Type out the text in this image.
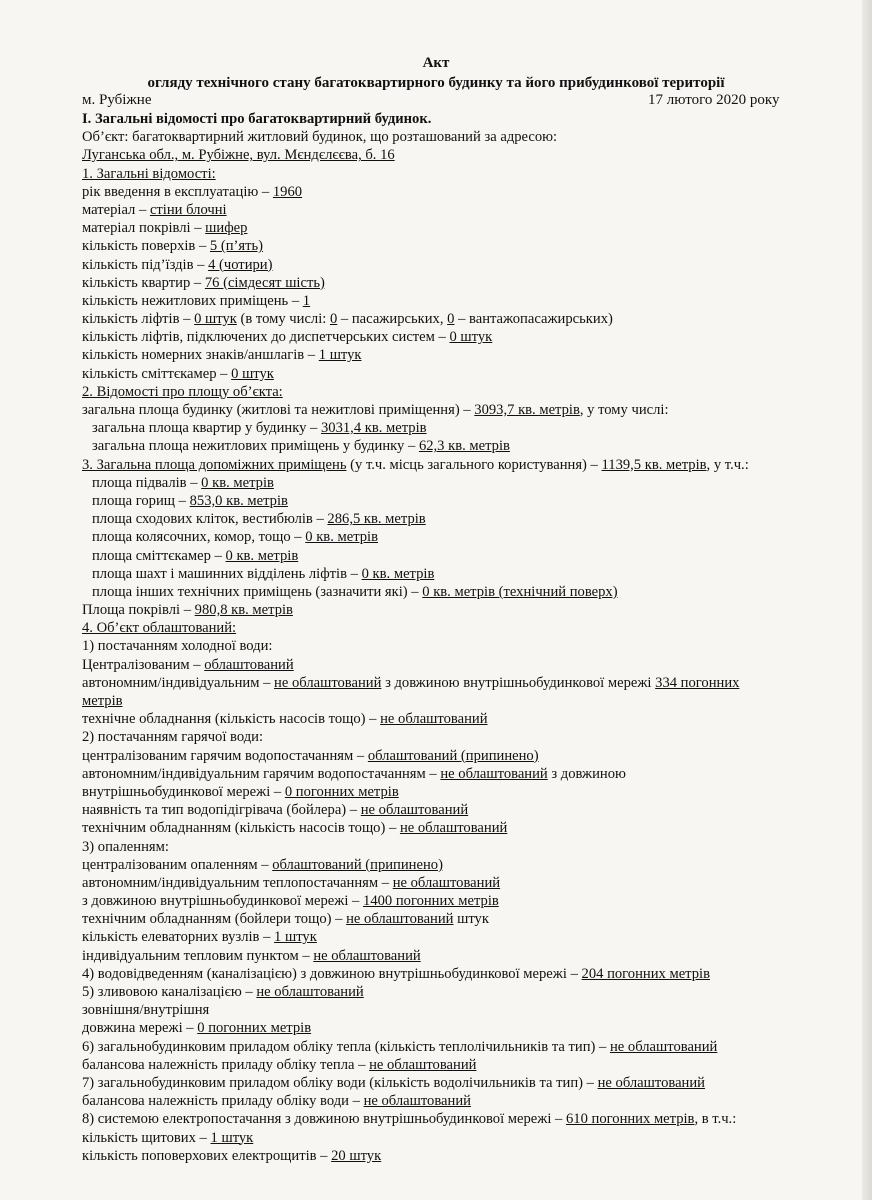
Акт
огляду технічного стану багатоквартирного будинку та його прибудинкової території
м. Рубіжне	17 лютого 2020 року
І. Загальні відомості про багатоквартирний будинок.
Об’єкт: багатоквартирний житловий будинок, що розташований за адресою:
Луганська обл., м. Рубіжне, вул. Мєндєлєєва, б. 16
1. Загальні відомості:
рік введення в експлуатацію – 1960
матеріал – стіни блочні
матеріал покрівлі – шифер
кількість поверхів – 5 (п’ять)
кількість під’їздів – 4 (чотири)
кількість квартир – 76 (сімдесят шість)
кількість нежитлових приміщень – 1
кількість ліфтів – 0 штук (в тому числі: 0 – пасажирських, 0 – вантажопасажирських)
кількість ліфтів, підключених до диспетчерських систем – 0 штук
кількість номерних знаків/аншлагів – 1 штук
кількість сміттєкамер – 0 штук
2. Відомості про площу об’єкта:
загальна площа будинку (житлові та нежитлові приміщення) – 3093,7 кв. метрів, у тому числі:
загальна площа квартир у будинку – 3031,4 кв. метрів
загальна площа нежитлових приміщень у будинку – 62,3 кв. метрів
3. Загальна площа допоміжних приміщень (у т.ч. місць загального користування) – 1139,5 кв. метрів, у т.ч.:
площа підвалів – 0 кв. метрів
площа горищ – 853,0 кв. метрів
площа сходових кліток, вестибюлів – 286,5 кв. метрів
площа колясочних, комор, тощо – 0 кв. метрів
площа сміттєкамер – 0 кв. метрів
площа шахт і машинних відділень ліфтів – 0 кв. метрів
площа інших технічних приміщень (зазначити які) – 0 кв. метрів (технічний поверх)
Площа покрівлі – 980,8 кв. метрів
4. Об’єкт облаштований:
1) постачанням холодної води:
Централізованим – облаштований
автономним/індивідуальним – не облаштований з довжиною внутрішньобудинкової мережі 334 погонних
метрів
технічне обладнання (кількість насосів тощо) – не облаштований
2) постачанням гарячої води:
централізованим гарячим водопостачанням – облаштований (припинено)
автономним/індивідуальним гарячим водопостачанням – не облаштований з довжиною
внутрішньобудинкової мережі – 0 погонних метрів
наявність та тип водопідігрівача (бойлера) – не облаштований
технічним обладнанням (кількість насосів тощо) – не облаштований
3) опаленням:
централізованим опаленням – облаштований (припинено)
автономним/індивідуальним теплопостачанням – не облаштований
з довжиною внутрішньобудинкової мережі – 1400 погонних метрів
технічним обладнанням (бойлери тощо) – не облаштований штук
кількість елеваторних вузлів – 1 штук
індивідуальним тепловим пунктом – не облаштований
4) водовідведенням (каналізацією) з довжиною внутрішньобудинкової мережі – 204 погонних метрів
5) зливовою каналізацією – не облаштований
зовнішня/внутрішня
довжина мережі – 0 погонних метрів
6) загальнобудинковим приладом обліку тепла (кількість теплолічильників та тип) – не облаштований
балансова належність приладу обліку тепла – не облаштований
7) загальнобудинковим приладом обліку води (кількість водолічильників та тип) – не облаштований
балансова належність приладу обліку води – не облаштований
8) системою електропостачання з довжиною внутрішньобудинкової мережі – 610 погонних метрів, в т.ч.:
кількість щитових – 1 штук
кількість поповерхових електрощитів – 20 штук
